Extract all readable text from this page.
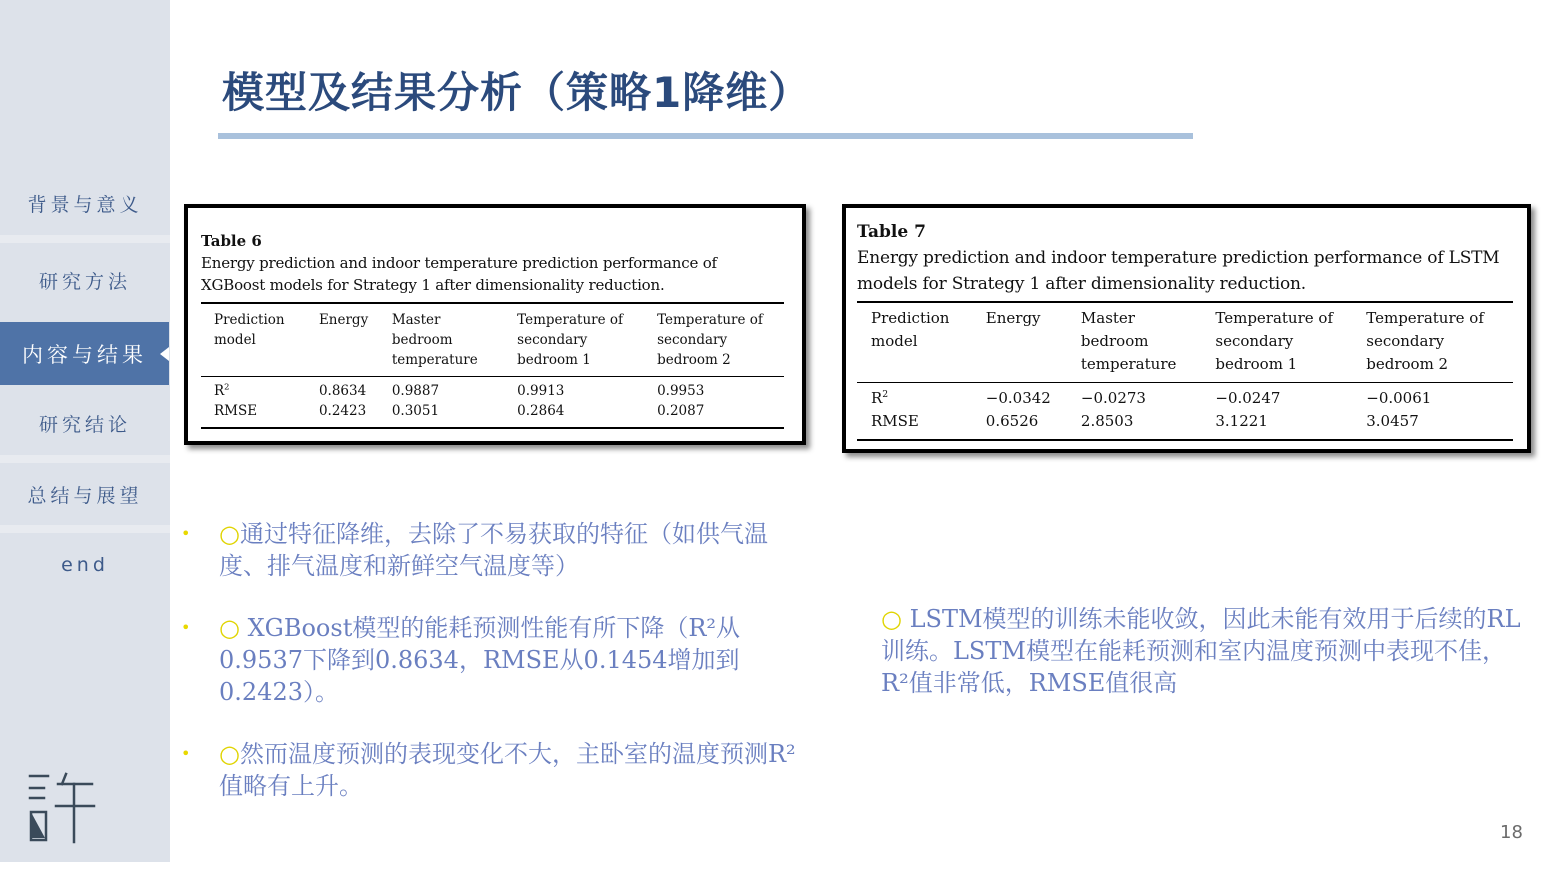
背景与意义
研究方法
内容与结果
研究结论
总结与展望
end
模型及结果分析（策略1降维）
Table 6
Energy prediction and indoor temperature prediction performance of XGBoost models for Strategy 1 after dimensionality reduction.
Prediction model	Energy	Master bedroom temperature	Temperature of secondary bedroom 1	Temperature of secondary bedroom 2
$R^2$	0.8634	0.9887	0.9913	0.9953
RMSE	0.2423	0.3051	0.2864	0.2087
Table 7
Energy prediction and indoor temperature prediction performance of LSTM models for Strategy 1 after dimensionality reduction.
Prediction model	Energy	Master bedroom temperature	Temperature of secondary bedroom 1	Temperature of secondary bedroom 2
$R^2$	−0.0342	−0.0273	−0.0247	−0.0061
RMSE	0.6526	2.8503	3.1221	3.0457
• ○通过特征降维，去除了不易获取的特征（如供气温度、排气温度和新鲜空气温度等）
• ○ XGBoost模型的能耗预测性能有所下降（R²从0.9537下降到0.8634，RMSE从0.1454增加到0.2423）。
• ○然而温度预测的表现变化不大，主卧室的温度预测R²值略有上升。
○ LSTM模型的训练未能收敛，因此未能有效用于后续的RL训练。LSTM模型在能耗预测和室内温度预测中表现不佳，R²值非常低，RMSE值很高
18
